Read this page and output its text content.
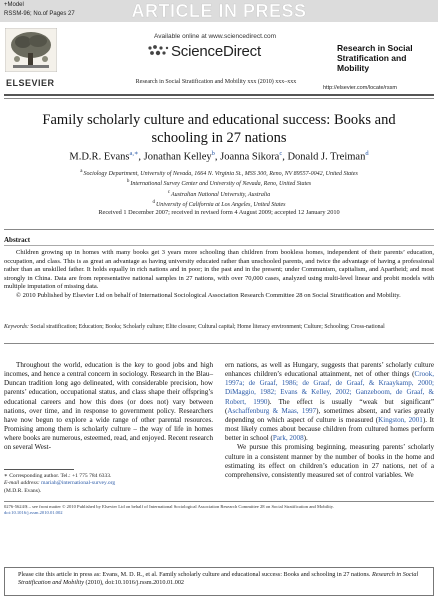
+Model
RSSM-96; No.of Pages 27	ARTICLE IN PRESS
ELSEVIER
Available online at www.sciencedirect.com
ScienceDirect
Research in Social Stratification and Mobility xxx (2010) xxx–xxx
Research in Social Stratification and Mobility
http://elsevier.com/locate/rssm
Family scholarly culture and educational success: Books and schooling in 27 nations
M.D.R. Evans$^{a,∗}$, Jonathan Kelley$^b$, Joanna Sikora$^c$, Donald J. Treiman$^d$
$^a$Sociology Department, University of Nevada, 1664 N. Virginia St., MSS 300, Reno, NV 89557-0042, United States
$^b$International Survey Center and University of Nevada, Reno, United States
$^c$Australian National University, Australia
$^d$University of California at Los Angeles, United States
Received 1 December 2007; received in revised form 4 August 2009; accepted 12 January 2010
Abstract

Children growing up in homes with many books get 3 years more schooling than children from bookless homes, independent of their parents’ education, occupation, and class. This is as great an advantage as having university educated rather than unschooled parents, and twice the advantage of having a professional rather than an unskilled father. It holds equally in rich nations and in poor; in the past and in the present; under Communism, capitalism, and Apartheid; and most strongly in China. Data are from representative national samples in 27 nations, with over 70,000 cases, analyzed using multi-level linear and probit models with multiple imputation of missing data.

© 2010 Published by Elsevier Ltd on behalf of International Sociological Association Research Committee 28 on Social Stratification and Mobility.

Keywords: Social stratification; Education; Books; Scholarly culture; Elite closure; Cultural capital; Home literacy environment; Culture; Schooling; Cross-national

Throughout the world, education is the key to good jobs and high incomes, and hence a central concern in sociology. Research in the Blau–Duncan tradition long ago delineated, with considerable precision, how parents’ education, occupational status, and class shape their offspring’s educational careers and how this does (or does not) vary between nations, over time, and in response to government policy. Researchers have now begun to explore a wide range of other parental resources. Promising among them is scholarly culture – the way of life in homes where books are numerous, esteemed, read, and enjoyed. Recent research on several West-

ern nations, as well as Hungary, suggests that parents’ scholarly culture enhances children’s educational attainment, net of other things (Crook, 1997a; de Graaf, 1986; de Graaf, de Graaf, & Kraaykamp, 2000; DiMaggio, 1982; Evans & Kelley, 2002; Ganzeboom, de Graaf, & Robert, 1990). The effect is usually “weak but significant” (Aschaffenburg & Maas, 1997), sometimes absent, and varies greatly depending on which aspect of culture is measured (Kingston, 2001). It most likely comes about because children from cultured homes perform better in school (Park, 2008).

We pursue this promising beginning, measuring parents’ scholarly culture in a consistent manner by the number of books in the home and estimating its effect on children’s education in 27 nations, net of a comprehensive, consistently measured set of control variables. We

∗ Corresponding author. Tel.: +1 775 784 6333.
E-mail address: mariah@international-survey.org
(M.D.R. Evans).
0276-5624/$ – see front matter © 2010 Published by Elsevier Ltd on behalf of International Sociological Association Research Committee 28 on Social Stratification and Mobility.
doi:10.1016/j.rssm.2010.01.002
Please cite this article in press as: Evans, M. D. R., et al. Family scholarly culture and educational success: Books and schooling in 27 nations. Research in Social Stratification and Mobility (2010), doi:10.1016/j.rssm.2010.01.002
